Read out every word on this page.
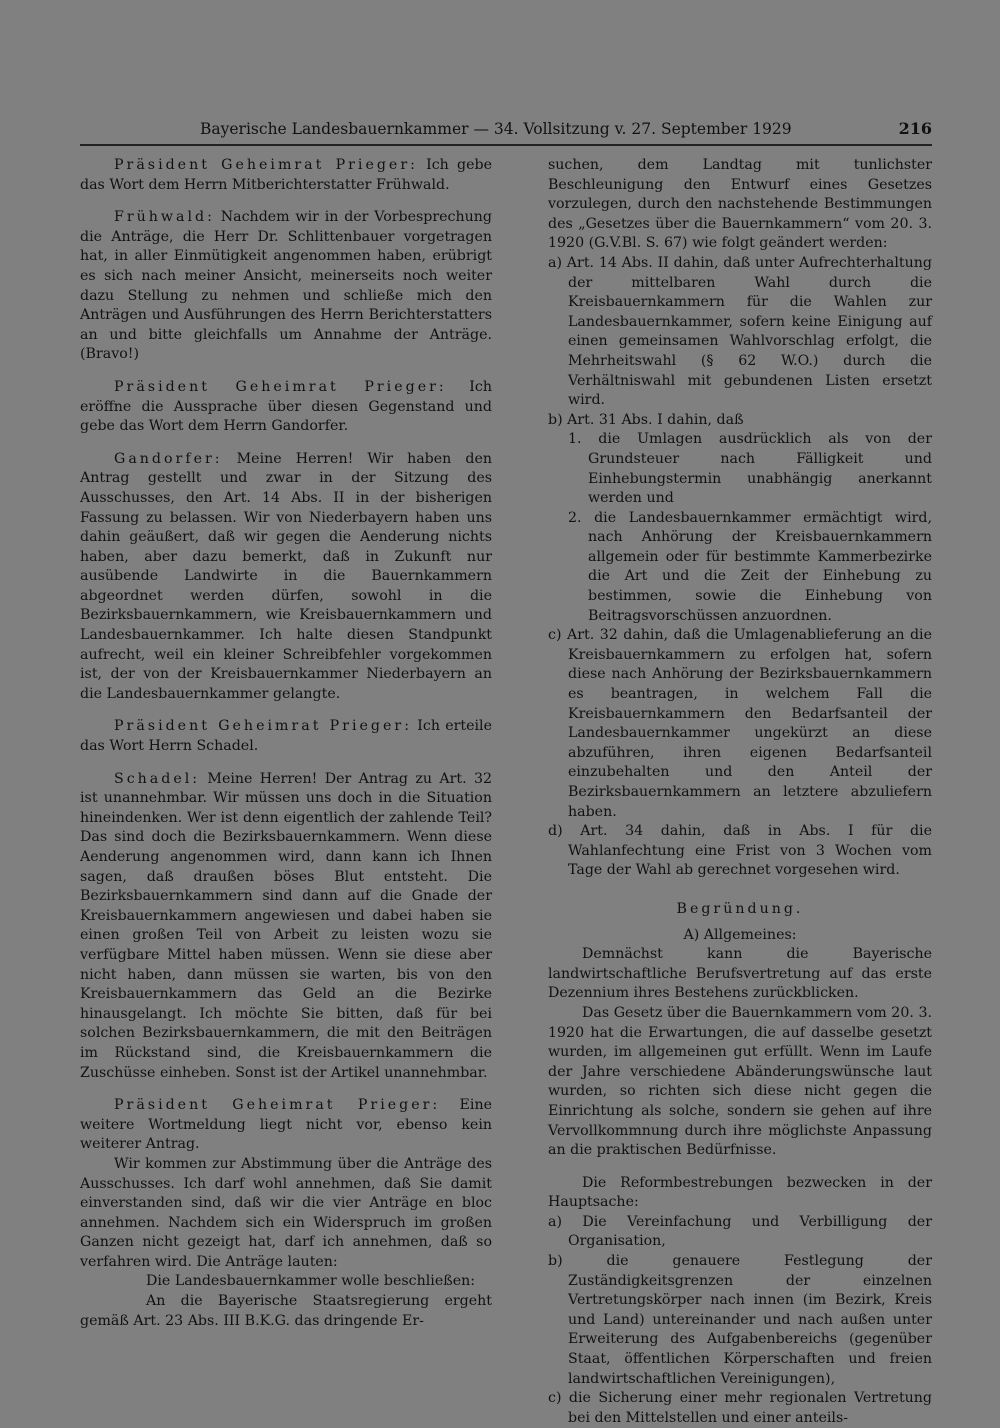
Bayerische Landesbauernkammer — 34. Vollsitzung v. 27. September 1929	216

Präsident Geheimrat Prieger: Ich gebe das Wort dem Herrn Mitberichterstatter Frühwald.

Frühwald: Nachdem wir in der Vorbesprechung die Anträge, die Herr Dr. Schlittenbauer vorgetragen hat, in aller Einmütigkeit angenommen haben, erübrigt es sich nach meiner Ansicht, meinerseits noch weiter dazu Stellung zu nehmen und schließe mich den Anträgen und Ausführungen des Herrn Berichterstatters an und bitte gleichfalls um Annahme der Anträge. (Bravo!)

Präsident Geheimrat Prieger: Ich eröffne die Aussprache über diesen Gegenstand und gebe das Wort dem Herrn Gandorfer.

Gandorfer: Meine Herren! Wir haben den Antrag gestellt und zwar in der Sitzung des Ausschusses, den Art. 14 Abs. II in der bisherigen Fassung zu belassen. Wir von Niederbayern haben uns dahin geäußert, daß wir gegen die Aenderung nichts haben, aber dazu bemerkt, daß in Zukunft nur ausübende Landwirte in die Bauernkammern abgeordnet werden dürfen, sowohl in die Bezirksbauernkammern, wie Kreisbauernkammern und Landesbauernkammer. Ich halte diesen Standpunkt aufrecht, weil ein kleiner Schreibfehler vorgekommen ist, der von der Kreisbauernkammer Niederbayern an die Landesbauernkammer gelangte.

Präsident Geheimrat Prieger: Ich erteile das Wort Herrn Schadel.

Schadel: Meine Herren! Der Antrag zu Art. 32 ist unannehmbar. Wir müssen uns doch in die Situation hineindenken. Wer ist denn eigentlich der zahlende Teil? Das sind doch die Bezirksbauernkammern. Wenn diese Aenderung angenommen wird, dann kann ich Ihnen sagen, daß draußen böses Blut entsteht. Die Bezirksbauernkammern sind dann auf die Gnade der Kreisbauernkammern angewiesen und dabei haben sie einen großen Teil von Arbeit zu leisten wozu sie verfügbare Mittel haben müssen. Wenn sie diese aber nicht haben, dann müssen sie warten, bis von den Kreisbauernkammern das Geld an die Bezirke hinausgelangt. Ich möchte Sie bitten, daß für bei solchen Bezirksbauernkammern, die mit den Beiträgen im Rückstand sind, die Kreisbauernkammern die Zuschüsse einheben. Sonst ist der Artikel unannehmbar.

Präsident Geheimrat Prieger: Eine weitere Wortmeldung liegt nicht vor, ebenso kein weiterer Antrag.

Wir kommen zur Abstimmung über die Anträge des Ausschusses. Ich darf wohl annehmen, daß Sie damit einverstanden sind, daß wir die vier Anträge en bloc annehmen. Nachdem sich ein Widerspruch im großen Ganzen nicht gezeigt hat, darf ich annehmen, daß so verfahren wird. Die Anträge lauten:

Die Landesbauernkammer wolle beschließen:

An die Bayerische Staatsregierung ergeht gemäß Art. 23 Abs. III B.K.G. das dringende Er-

suchen, dem Landtag mit tunlichster Beschleunigung den Entwurf eines Gesetzes vorzulegen, durch den nachstehende Bestimmungen des „Gesetzes über die Bauernkammern“ vom 20. 3. 1920 (G.V.Bl. S. 67) wie folgt geändert werden:

a) Art. 14 Abs. II dahin, daß unter Aufrechterhaltung der mittelbaren Wahl durch die Kreisbauernkammern für die Wahlen zur Landesbauernkammer, sofern keine Einigung auf einen gemeinsamen Wahlvorschlag erfolgt, die Mehrheitswahl (§ 62 W.O.) durch die Verhältniswahl mit gebundenen Listen ersetzt wird.

b) Art. 31 Abs. I dahin, daß

1. die Umlagen ausdrücklich als von der Grundsteuer nach Fälligkeit und Einhebungstermin unabhängig anerkannt werden und

2. die Landesbauernkammer ermächtigt wird, nach Anhörung der Kreisbauernkammern allgemein oder für bestimmte Kammerbezirke die Art und die Zeit der Einhebung zu bestimmen, sowie die Einhebung von Beitragsvorschüssen anzuordnen.

c) Art. 32 dahin, daß die Umlagenablieferung an die Kreisbauernkammern zu erfolgen hat, sofern diese nach Anhörung der Bezirksbauernkammern es beantragen, in welchem Fall die Kreisbauernkammern den Bedarfsanteil der Landesbauernkammer ungekürzt an diese abzuführen, ihren eigenen Bedarfsanteil einzubehalten und den Anteil der Bezirksbauernkammern an letztere abzuliefern haben.

d) Art. 34 dahin, daß in Abs. I für die Wahlanfechtung eine Frist von 3 Wochen vom Tage der Wahl ab gerechnet vorgesehen wird.

Begründung.

A) Allgemeines:

Demnächst kann die Bayerische landwirtschaftliche Berufsvertretung auf das erste Dezennium ihres Bestehens zurückblicken.

Das Gesetz über die Bauernkammern vom 20. 3. 1920 hat die Erwartungen, die auf dasselbe gesetzt wurden, im allgemeinen gut erfüllt. Wenn im Laufe der Jahre verschiedene Abänderungswünsche laut wurden, so richten sich diese nicht gegen die Einrichtung als solche, sondern sie gehen auf ihre Vervollkommnung durch ihre möglichste Anpassung an die praktischen Bedürfnisse.

Die Reformbestrebungen bezwecken in der Hauptsache:

a) Die Vereinfachung und Verbilligung der Organisation,

b) die genauere Festlegung der Zuständigkeitsgrenzen der einzelnen Vertretungskörper nach innen (im Bezirk, Kreis und Land) untereinander und nach außen unter Erweiterung des Aufgabenbereichs (gegenüber Staat, öffentlichen Körperschaften und freien landwirtschaftlichen Vereinigungen),

c) die Sicherung einer mehr regionalen Vertretung bei den Mittelstellen und einer anteils-
